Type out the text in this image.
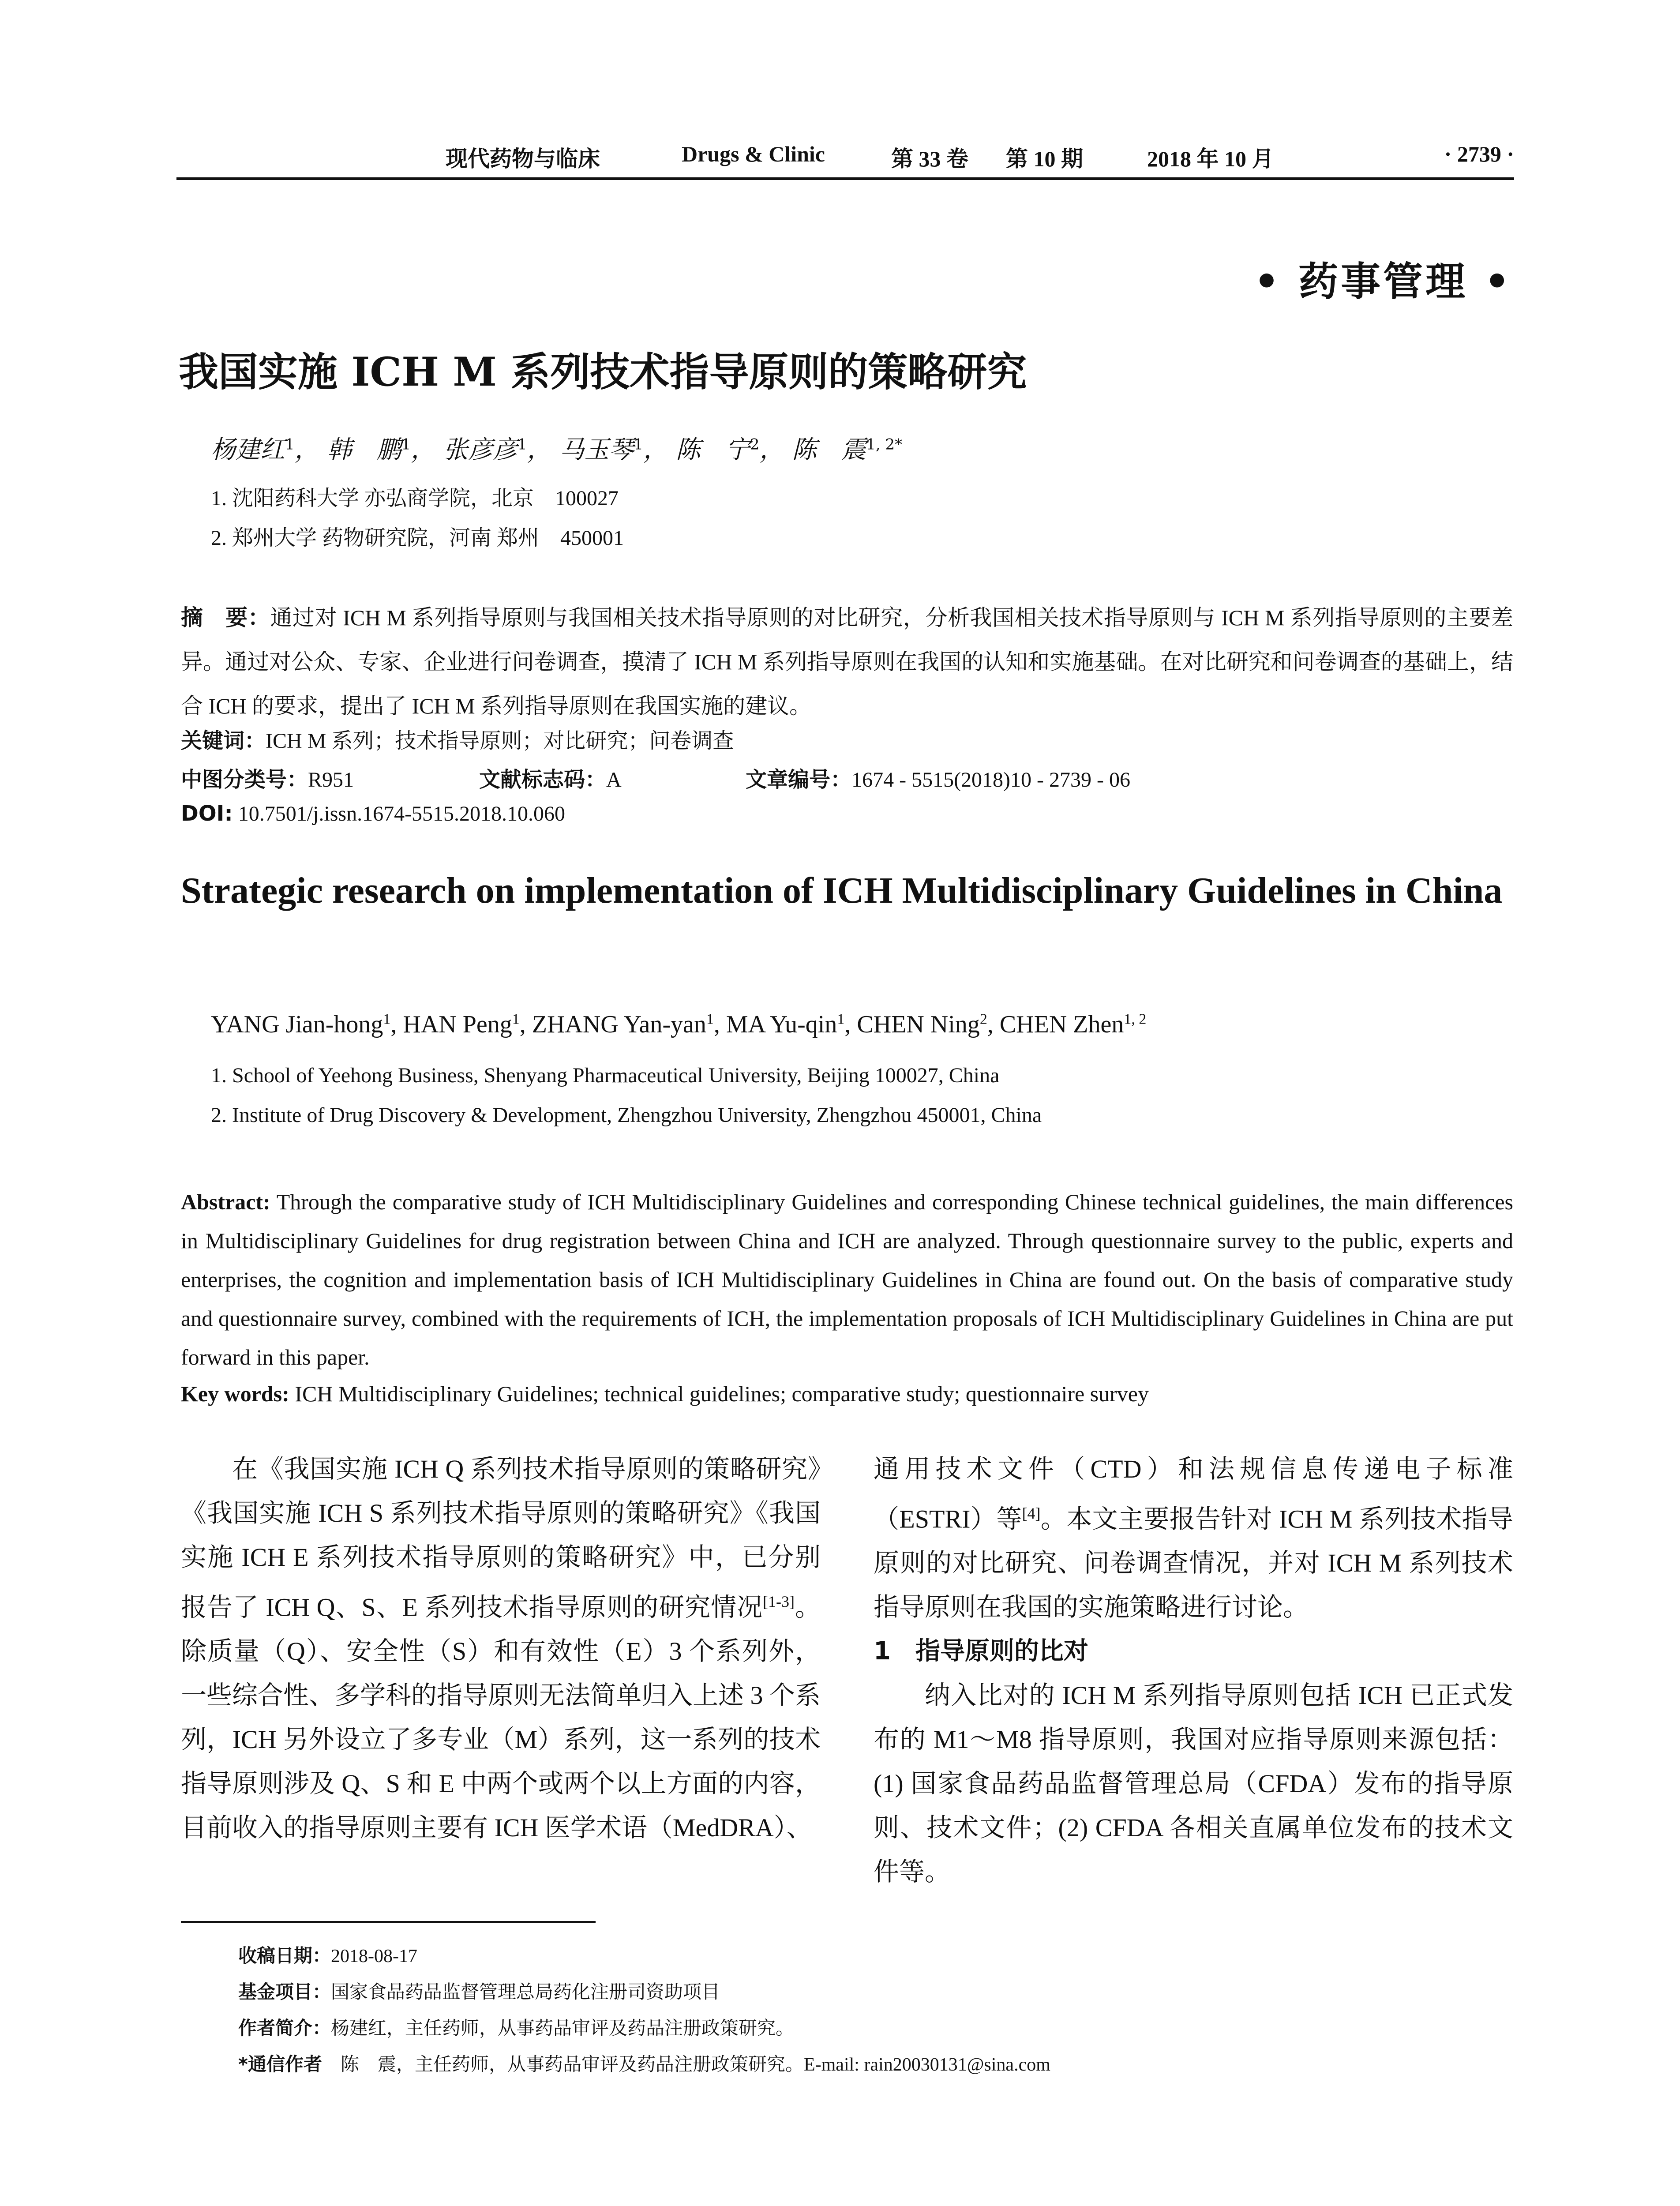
现代药物与临床	Drugs & Clinic	第 33 卷 第 10 期	2018 年 10 月	· 2739 ·
• 药事管理 •
我国实施 ICH M 系列技术指导原则的策略研究
杨建红$^1$， 韩　鹏$^1$， 张彦彦$^1$， 马玉琴$^1$， 陈　宁$^2$， 陈　震$^{1, 2*}$
1. 沈阳药科大学 亦弘商学院，北京　100027
2. 郑州大学 药物研究院，河南 郑州　450001
摘　要：通过对 ICH M 系列指导原则与我国相关技术指导原则的对比研究，分析我国相关技术指导原则与 ICH M 系列指导原则的主要差异。通过对公众、专家、企业进行问卷调查，摸清了 ICH M 系列指导原则在我国的认知和实施基础。在对比研究和问卷调查的基础上，结合 ICH 的要求，提出了 ICH M 系列指导原则在我国实施的建议。
关键词：ICH M 系列；技术指导原则；对比研究；问卷调查
中图分类号：R951	文献标志码：A	文章编号：1674 - 5515(2018)10 - 2739 - 06
DOI: 10.7501/j.issn.1674-5515.2018.10.060
Strategic research on implementation of ICH Multidisciplinary Guidelines in China
YANG Jian-hong$^1$, HAN Peng$^1$, ZHANG Yan-yan$^1$, MA Yu-qin$^1$, CHEN Ning$^2$, CHEN Zhen$^{1, 2}$
1. School of Yeehong Business, Shenyang Pharmaceutical University, Beijing 100027, China
2. Institute of Drug Discovery & Development, Zhengzhou University, Zhengzhou 450001, China
Abstract: Through the comparative study of ICH Multidisciplinary Guidelines and corresponding Chinese technical guidelines, the main differences in Multidisciplinary Guidelines for drug registration between China and ICH are analyzed. Through questionnaire survey to the public, experts and enterprises, the cognition and implementation basis of ICH Multidisciplinary Guidelines in China are found out. On the basis of comparative study and questionnaire survey, combined with the requirements of ICH, the implementation proposals of ICH Multidisciplinary Guidelines in China are put forward in this paper.
Key words: ICH Multidisciplinary Guidelines; technical guidelines; comparative study; questionnaire survey

在《我国实施 ICH Q 系列技术指导原则的策略研究》《我国实施 ICH S 系列技术指导原则的策略研究》《我国实施 ICH E 系列技术指导原则的策略研究》中，已分别报告了 ICH Q、S、E 系列技术指导原则的研究情况[1-3]。除质量（Q）、安全性（S）和有效性（E）3 个系列外，一些综合性、多学科的指导原则无法简单归入上述 3 个系列，ICH 另外设立了多专业（M）系列，这一系列的技术指导原则涉及 Q、S 和 E 中两个或两个以上方面的内容，目前收入的指导原则主要有 ICH 医学术语（MedDRA）、

通用技术文件（CTD）和法规信息传递电子标准（ESTRI）等[4]。本文主要报告针对 ICH M 系列技术指导原则的对比研究、问卷调查情况，并对 ICH M 系列技术指导原则在我国的实施策略进行讨论。

1　指导原则的比对

纳入比对的 ICH M 系列指导原则包括 ICH 已正式发布的 M1～M8 指导原则，我国对应指导原则来源包括：(1) 国家食品药品监督管理总局（CFDA）发布的指导原则、技术文件；(2) CFDA 各相关直属单位发布的技术文件等。

收稿日期：2018-08-17
基金项目：国家食品药品监督管理总局药化注册司资助项目
作者简介：杨建红，主任药师，从事药品审评及药品注册政策研究。
*通信作者　 陈　震，主任药师，从事药品审评及药品注册政策研究。E-mail: rain20030131@sina.com
